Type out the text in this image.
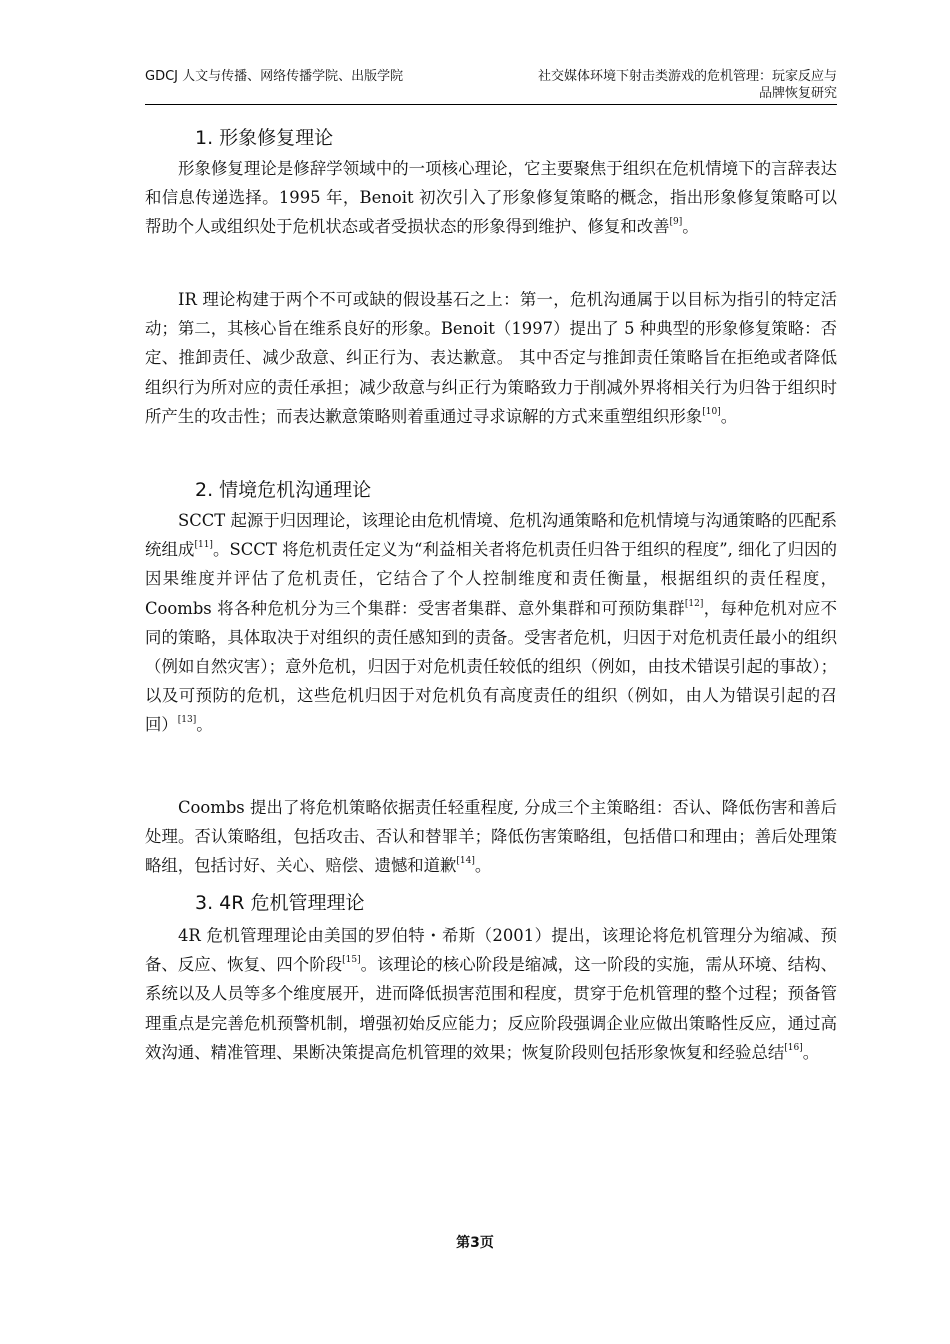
GDCJ 人文与传播、网络传播学院、出版学院	社交媒体环境下射击类游戏的危机管理：玩家反应与品牌恢复研究
1. 形象修复理论

形象修复理论是修辞学领域中的一项核心理论，它主要聚焦于组织在危机情境下的言辞表达和信息传递选择。1995 年，Benoit 初次引入了形象修复策略的概念，指出形象修复策略可以帮助个人或组织处于危机状态或者受损状态的形象得到维护、修复和改善[9]。

IR 理论构建于两个不可或缺的假设基石之上：第一，危机沟通属于以目标为指引的特定活动；第二，其核心旨在维系良好的形象。Benoit（1997）提出了 5 种典型的形象修复策略：否定、推卸责任、减少敌意、纠正行为、表达歉意。 其中否定与推卸责任策略旨在拒绝或者降低组织行为所对应的责任承担；减少敌意与纠正行为策略致力于削减外界将相关行为归咎于组织时所产生的攻击性；而表达歉意策略则着重通过寻求谅解的方式来重塑组织形象[10]。

2. 情境危机沟通理论

SCCT 起源于归因理论，该理论由危机情境、危机沟通策略和危机情境与沟通策略的匹配系统组成[11]。SCCT 将危机责任定义为“利益相关者将危机责任归咎于组织的程度”, 细化了归因的因果维度并评估了危机责任，它结合了个人控制维度和责任衡量，根据组织的责任程度，Coombs 将各种危机分为三个集群：受害者集群、意外集群和可预防集群[12]，每种危机对应不同的策略，具体取决于对组织的责任感知到的责备。受害者危机，归因于对危机责任最小的组织（例如自然灾害）；意外危机，归因于对危机责任较低的组织（例如，由技术错误引起的事故）；以及可预防的危机，这些危机归因于对危机负有高度责任的组织（例如，由人为错误引起的召回）[13]。

Coombs 提出了将危机策略依据责任轻重程度, 分成三个主策略组：否认、降低伤害和善后处理。否认策略组，包括攻击、否认和替罪羊；降低伤害策略组，包括借口和理由；善后处理策略组，包括讨好、关心、赔偿、遗憾和道歉[14]。

3. 4R 危机管理理论

4R 危机管理理论由美国的罗伯特・希斯（2001）提出，该理论将危机管理分为缩减、预备、反应、恢复、四个阶段[15]。该理论的核心阶段是缩减，这一阶段的实施，需从环境、结构、系统以及人员等多个维度展开，进而降低损害范围和程度，贯穿于危机管理的整个过程；预备管理重点是完善危机预警机制，增强初始反应能力；反应阶段强调企业应做出策略性反应，通过高效沟通、精准管理、果断决策提高危机管理的效果；恢复阶段则包括形象恢复和经验总结[16]。

第3页
